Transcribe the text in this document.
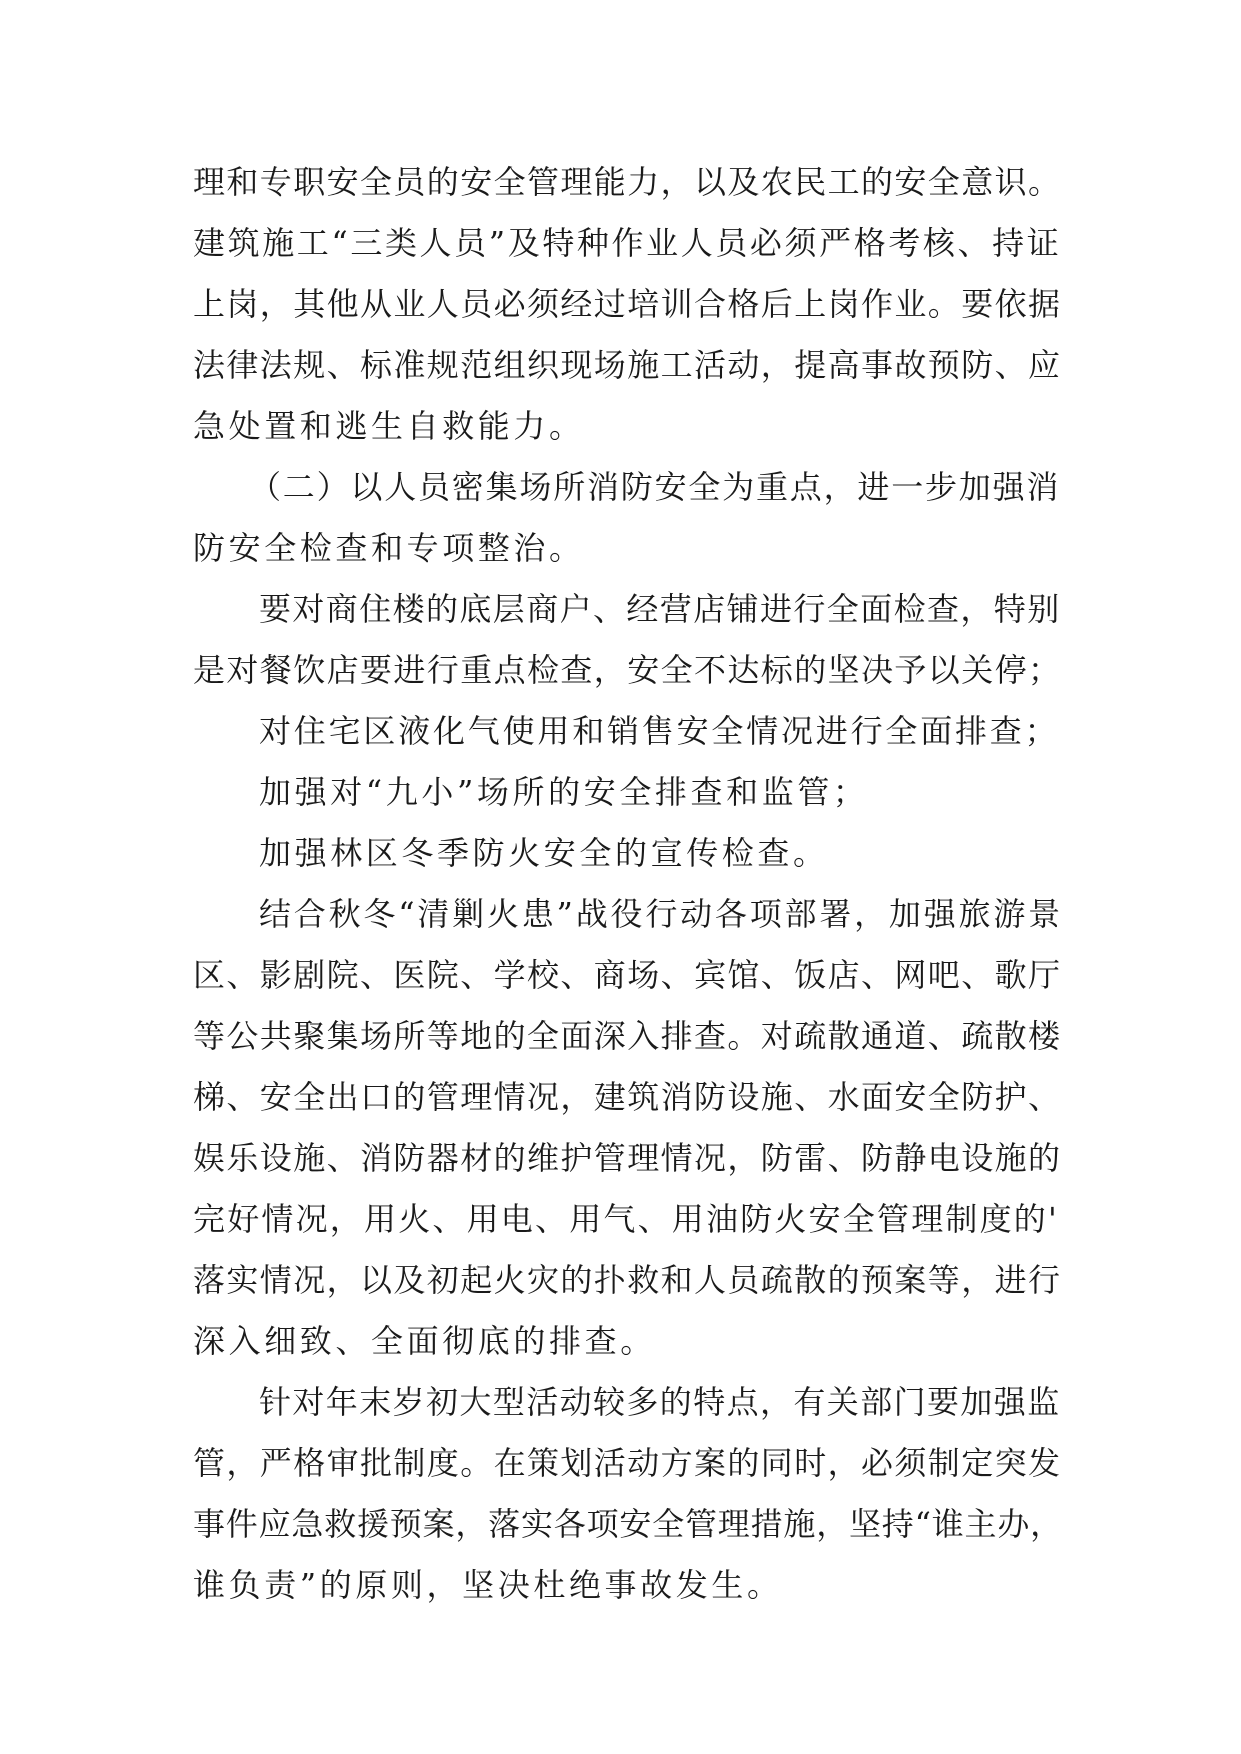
理和专职安全员的安全管理能力，以及农民工的安全意识。
建筑施工“三类人员”及特种作业人员必须严格考核、持证
上岗，其他从业人员必须经过培训合格后上岗作业。要依据
法律法规、标准规范组织现场施工活动，提高事故预防、应
急处置和逃生自救能力。
（二）以人员密集场所消防安全为重点，进一步加强消
防安全检查和专项整治。
要对商住楼的底层商户、经营店铺进行全面检查，特别
是对餐饮店要进行重点检查，安全不达标的坚决予以关停；
对住宅区液化气使用和销售安全情况进行全面排查；
加强对“九小”场所的安全排查和监管；
加强林区冬季防火安全的宣传检查。
结合秋冬“清剿火患”战役行动各项部署，加强旅游景
区、影剧院、医院、学校、商场、宾馆、饭店、网吧、歌厅
等公共聚集场所等地的全面深入排查。对疏散通道、疏散楼
梯、安全出口的管理情况，建筑消防设施、水面安全防护、
娱乐设施、消防器材的维护管理情况，防雷、防静电设施的
完好情况，用火、用电、用气、用油防火安全管理制度的'
落实情况，以及初起火灾的扑救和人员疏散的预案等，进行
深入细致、全面彻底的排查。
针对年末岁初大型活动较多的特点，有关部门要加强监
管，严格审批制度。在策划活动方案的同时，必须制定突发
事件应急救援预案，落实各项安全管理措施，坚持“谁主办，
谁负责”的原则，坚决杜绝事故发生。
